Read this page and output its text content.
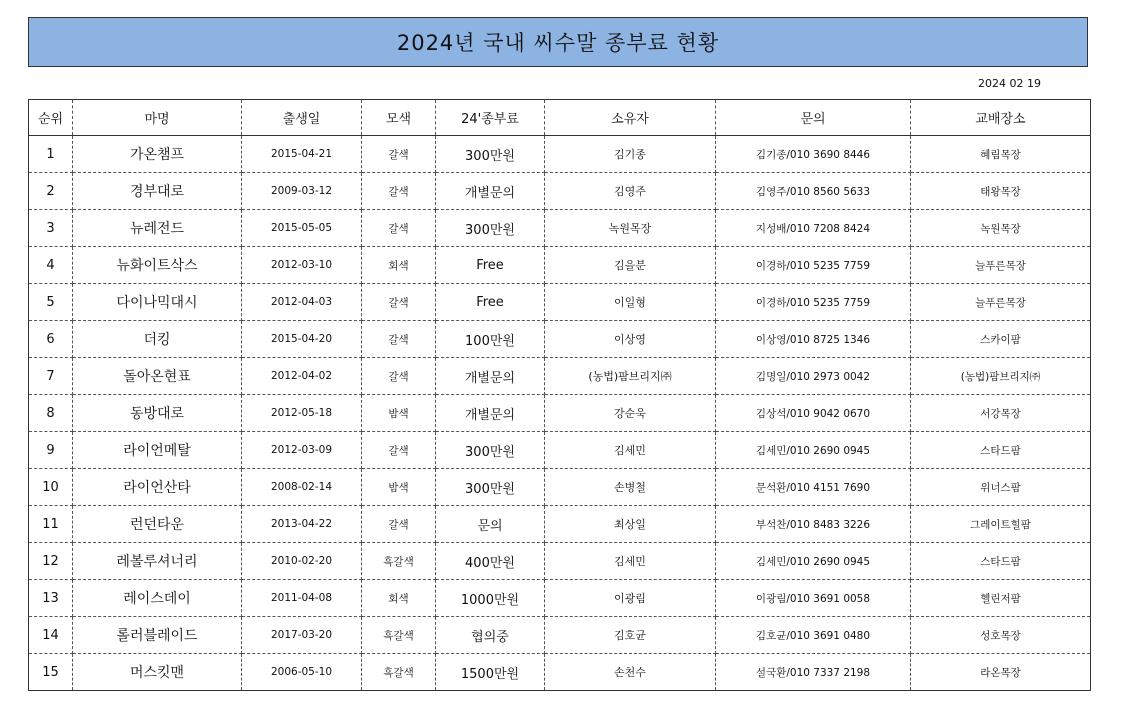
2024년 국내 씨수말 종부료 현황
2024 02 19
순위	마명	출생일	모색	24'종부료	소유자	문의	교배장소
1	가온챔프	2015-04-21	갈색	300만원	김기종	김기종/010 3690 8446	혜림목장
2	경부대로	2009-03-12	갈색	개별문의	김영주	김영주/010 8560 5633	태왕목장
3	뉴레전드	2015-05-05	갈색	300만원	녹원목장	지성배/010 7208 8424	녹원목장
4	뉴화이트삭스	2012-03-10	회색	Free	김을분	이경하/010 5235 7759	늘푸른목장
5	다이나믹대시	2012-04-03	갈색	Free	이일형	이경하/010 5235 7759	늘푸른목장
6	더킹	2015-04-20	갈색	100만원	이상영	이상영/010 8725 1346	스카이팜
7	돌아온현표	2012-04-02	갈색	개별문의	(농법)팜브리지㈜	김명일/010 2973 0042	(농법)팜브리지㈜
8	동방대로	2012-05-18	밤색	개별문의	강순욱	김상석/010 9042 0670	서강목장
9	라이언메탈	2012-03-09	갈색	300만원	김세민	김세민/010 2690 0945	스타드팜
10	라이언산타	2008-02-14	밤색	300만원	손병철	문석환/010 4151 7690	위너스팜
11	런던타운	2013-04-22	갈색	문의	최상일	부석찬/010 8483 3226	그레이트힐팜
12	레볼루셔너리	2010-02-20	흑갈색	400만원	김세민	김세민/010 2690 0945	스타드팜
13	레이스데이	2011-04-08	회색	1000만원	이광림	이광림/010 3691 0058	헬린저팜
14	롤러블레이드	2017-03-20	흑갈색	협의중	김호균	김호균/010 3691 0480	성호목장
15	머스킷맨	2006-05-10	흑갈색	1500만원	손천수	설국환/010 7337 2198	라온목장
